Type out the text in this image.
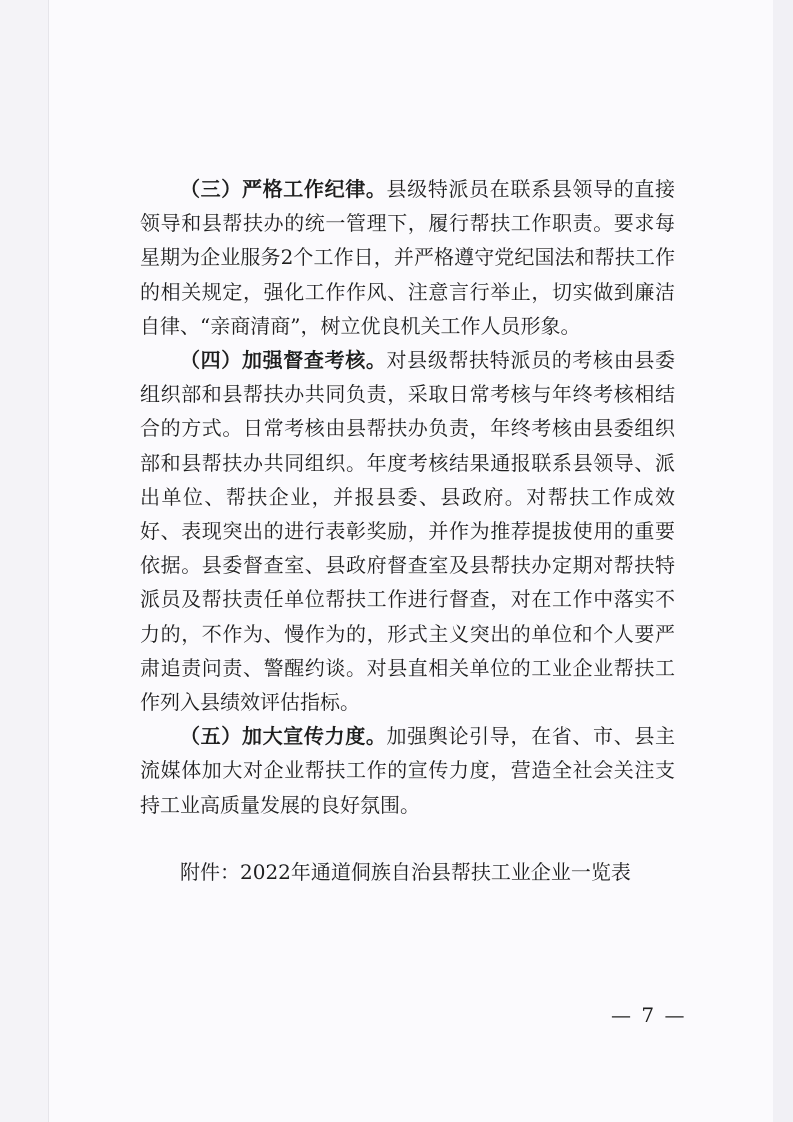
（三）严格工作纪律。县级特派员在联系县领导的直接领导和县帮扶办的统一管理下，履行帮扶工作职责。要求每星期为企业服务2个工作日，并严格遵守党纪国法和帮扶工作的相关规定，强化工作作风、注意言行举止，切实做到廉洁自律、“亲商清商”，树立优良机关工作人员形象。

（四）加强督查考核。对县级帮扶特派员的考核由县委组织部和县帮扶办共同负责，采取日常考核与年终考核相结合的方式。日常考核由县帮扶办负责，年终考核由县委组织部和县帮扶办共同组织。年度考核结果通报联系县领导、派出单位、帮扶企业，并报县委、县政府。对帮扶工作成效好、表现突出的进行表彰奖励，并作为推荐提拔使用的重要依据。县委督查室、县政府督查室及县帮扶办定期对帮扶特派员及帮扶责任单位帮扶工作进行督查，对在工作中落实不力的，不作为、慢作为的，形式主义突出的单位和个人要严肃追责问责、警醒约谈。对县直相关单位的工业企业帮扶工作列入县绩效评估指标。

（五）加大宣传力度。加强舆论引导，在省、市、县主流媒体加大对企业帮扶工作的宣传力度，营造全社会关注支持工业高质量发展的良好氛围。

附件：2022年通道侗族自治县帮扶工业企业一览表
— 7 —
